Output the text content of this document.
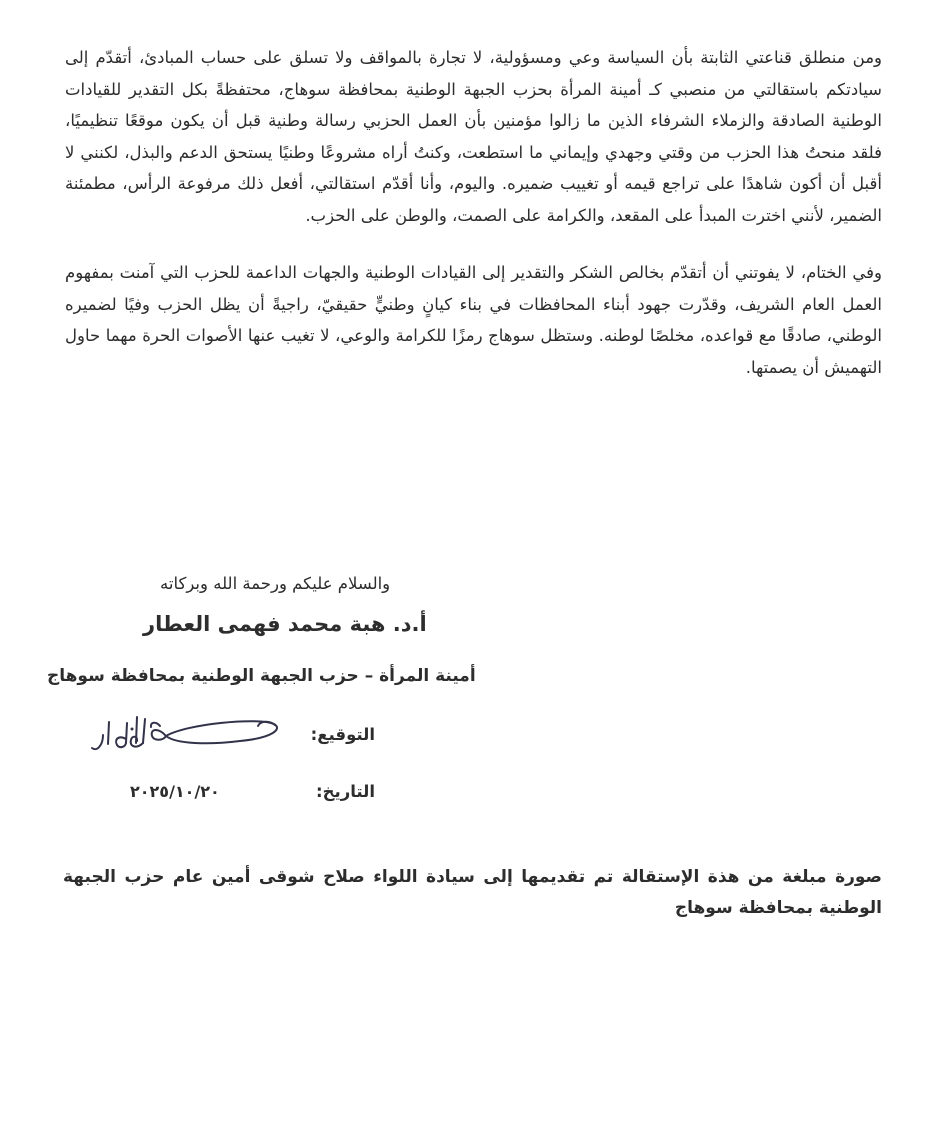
ومن منطلق قناعتي الثابتة بأن السياسة وعي ومسؤولية، لا تجارة بالمواقف ولا تسلق على حساب المبادئ، أتقدّم إلى سيادتكم باستقالتي من منصبي كـ أمينة المرأة بحزب الجبهة الوطنية بمحافظة سوهاج، محتفظةً بكل التقدير للقيادات الوطنية الصادقة والزملاء الشرفاء الذين ما زالوا مؤمنين بأن العمل الحزبي رسالة وطنية قبل أن يكون موقعًا تنظيميًا، فلقد منحتُ هذا الحزب من وقتي وجهدي وإيماني ما استطعت، وكنتُ أراه مشروعًا وطنيًا يستحق الدعم والبذل، لكنني لا أقبل أن أكون شاهدًا على تراجع قيمه أو تغييب ضميره. واليوم، وأنا أقدّم استقالتي، أفعل ذلك مرفوعة الرأس، مطمئنة الضمير، لأنني اخترت المبدأ على المقعد، والكرامة على الصمت، والوطن على الحزب.

وفي الختام، لا يفوتني أن أتقدّم بخالص الشكر والتقدير إلى القيادات الوطنية والجهات الداعمة للحزب التي آمنت بمفهوم العمل العام الشريف، وقدّرت جهود أبناء المحافظات في بناء كيانٍ وطنيٍّ حقيقيّ، راجيةً أن يظل الحزب وفيًا لضميره الوطني، صادقًا مع قواعده، مخلصًا لوطنه. وستظل سوهاج رمزًا للكرامة والوعي، لا تغيب عنها الأصوات الحرة مهما حاول التهميش أن يصمتها.

والسلام عليكم ورحمة الله وبركاته
أ.د. هبة محمد فهمى العطار
أمينة المرأة – حزب الجبهة الوطنية بمحافظة سوهاج
التوقيع:
التاريخ:
٢٠٢٥/١٠/٢٠
صورة مبلغة من هذة الإستقالة تم تقديمها إلى سيادة اللواء صلاح شوقى أمين عام حزب الجبهة الوطنية بمحافظة سوهاج
